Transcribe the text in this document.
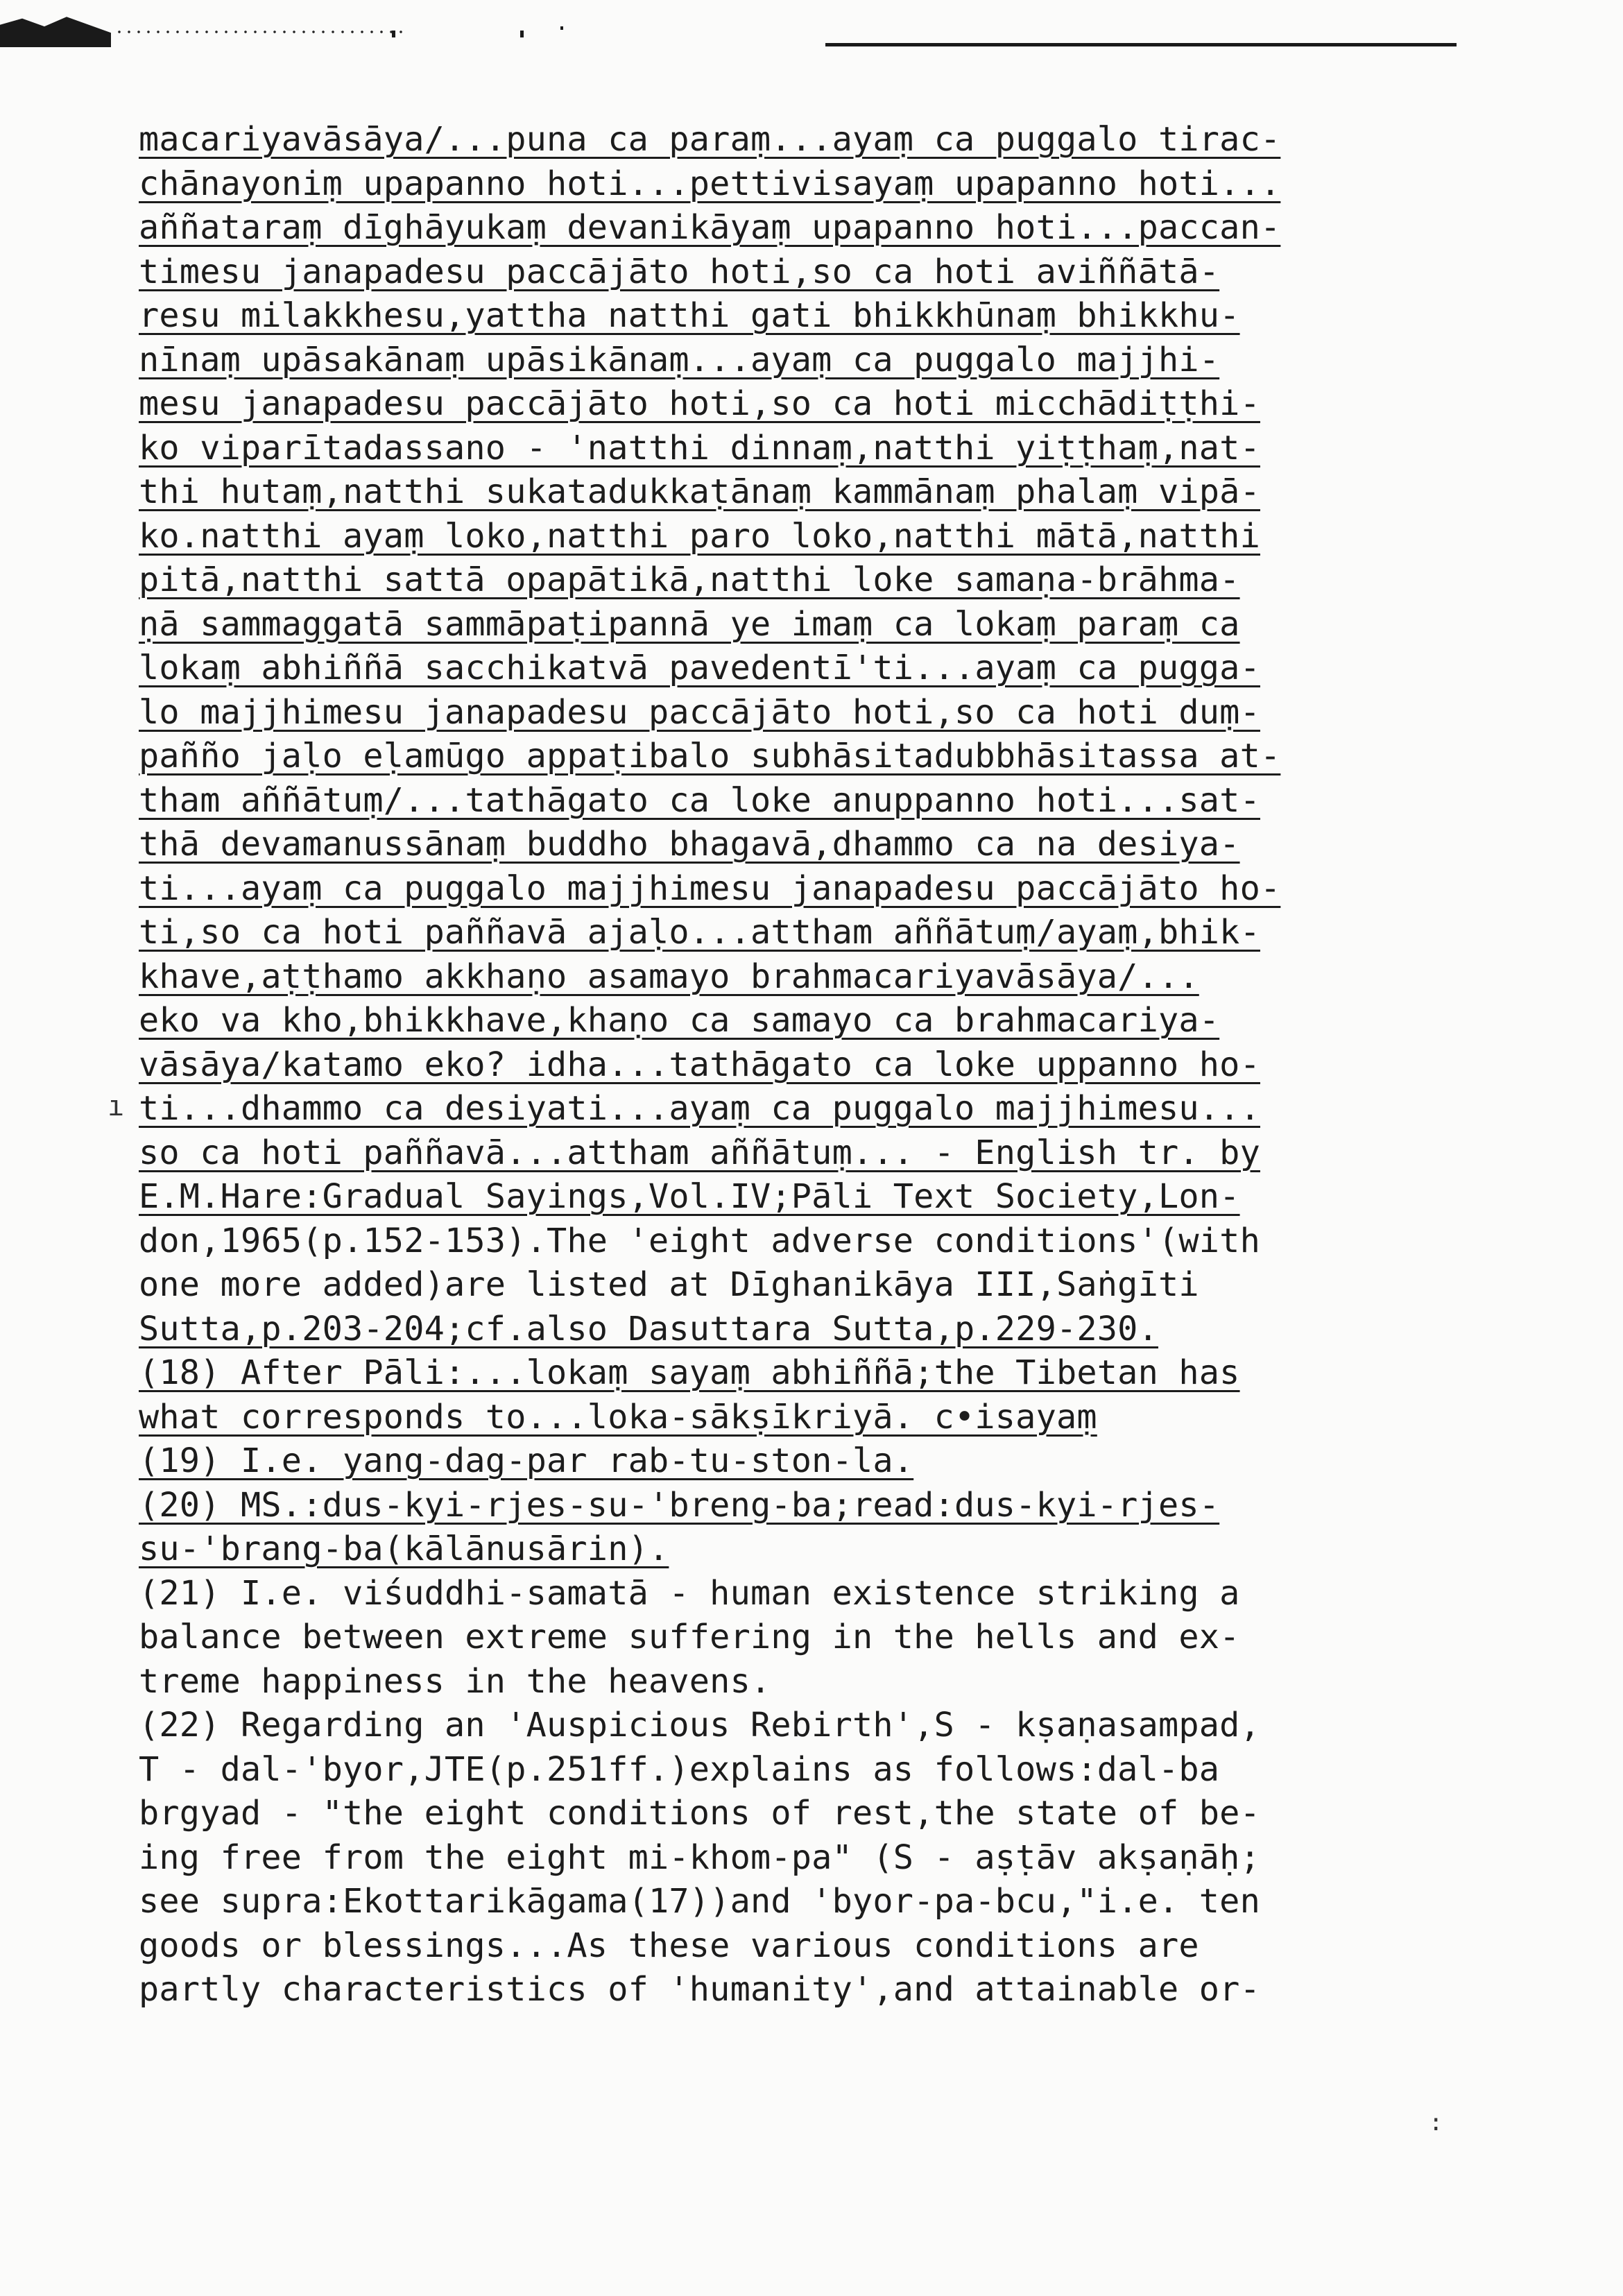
macariyavāsāya/...puna ca paraṃ...ayaṃ ca puggalo tirac-
chānayoniṃ upapanno hoti...pettivisayaṃ upapanno hoti...
aññataraṃ dīghāyukaṃ devanikāyaṃ upapanno hoti...paccan-
timesu janapadesu paccājāto hoti,so ca hoti aviññātā-
resu milakkhesu,yattha natthi gati bhikkhūnaṃ bhikkhu-
nīnaṃ upāsakānaṃ upāsikānaṃ...ayaṃ ca puggalo majjhi-
mesu janapadesu paccājāto hoti,so ca hoti micchādiṭṭhi-
ko viparītadassano - 'natthi dinnaṃ,natthi yiṭṭhaṃ,nat-
thi hutaṃ,natthi sukatadukkaṭānaṃ kammānaṃ phalaṃ vipā-
ko.natthi ayaṃ loko,natthi paro loko,natthi mātā,natthi
pitā,natthi sattā opapātikā,natthi loke samaṇa-brāhma-
ṇā sammaggatā sammāpaṭipannā ye imaṃ ca lokaṃ paraṃ ca
lokaṃ abhiññā sacchikatvā pavedentī'ti...ayaṃ ca pugga-
lo majjhimesu janapadesu paccājāto hoti,so ca hoti duṃ-
pañño jaḷo eḷamūgo appaṭibalo subhāsitadubbhāsitassa at-
tham aññātuṃ/...tathāgato ca loke anuppanno hoti...sat-
thā devamanussānaṃ buddho bhagavā,dhammo ca na desiya-
ti...ayaṃ ca puggalo majjhimesu janapadesu paccājāto ho-
ti,so ca hoti paññavā ajaḷo...attham aññātuṃ/ayaṃ,bhik-
khave,aṭṭhamo akkhaṇo asamayo brahmacariyavāsāya/...
eko va kho,bhikkhave,khaṇo ca samayo ca brahmacariya-
vāsāya/katamo eko? idha...tathāgato ca loke uppanno ho-
ti...dhammo ca desiyati...ayaṃ ca puggalo majjhimesu...
so ca hoti paññavā...attham aññātuṃ... - English tr. by
E.M.Hare:Gradual Sayings,Vol.IV;Pāli Text Society,Lon-
don,1965(p.152-153).The 'eight adverse conditions'(with
one more added)are listed at Dīghanikāya III,Saṅgīti
Sutta,p.203-204;cf.also Dasuttara Sutta,p.229-230.
(18) After Pāli:...lokaṃ sayaṃ abhiññā;the Tibetan has
what corresponds to...loka-sākṣīkriyā. c•isayaṃ
(19) I.e. yang-dag-par rab-tu-ston-la.
(20) MS.:dus-kyi-rjes-su-'breng-ba;read:dus-kyi-rjes-
su-'brang-ba(kālānusārin).
(21) I.e. viśuddhi-samatā - human existence striking a
balance between extreme suffering in the hells and ex-
treme happiness in the heavens.
(22) Regarding an 'Auspicious Rebirth',S - kṣaṇasampad,
T - dal-'byor,JTE(p.251ff.)explains as follows:dal-ba
brgyad - "the eight conditions of rest,the state of be-
ing free from the eight mi-khom-pa" (S - aṣṭāv akṣaṇāḥ;
see supra:Ekottarikāgama(17))and 'byor-pa-bcu,"i.e. ten
goods or blessings...As these various conditions are
partly characteristics of 'humanity',and attainable or-
ı
:
